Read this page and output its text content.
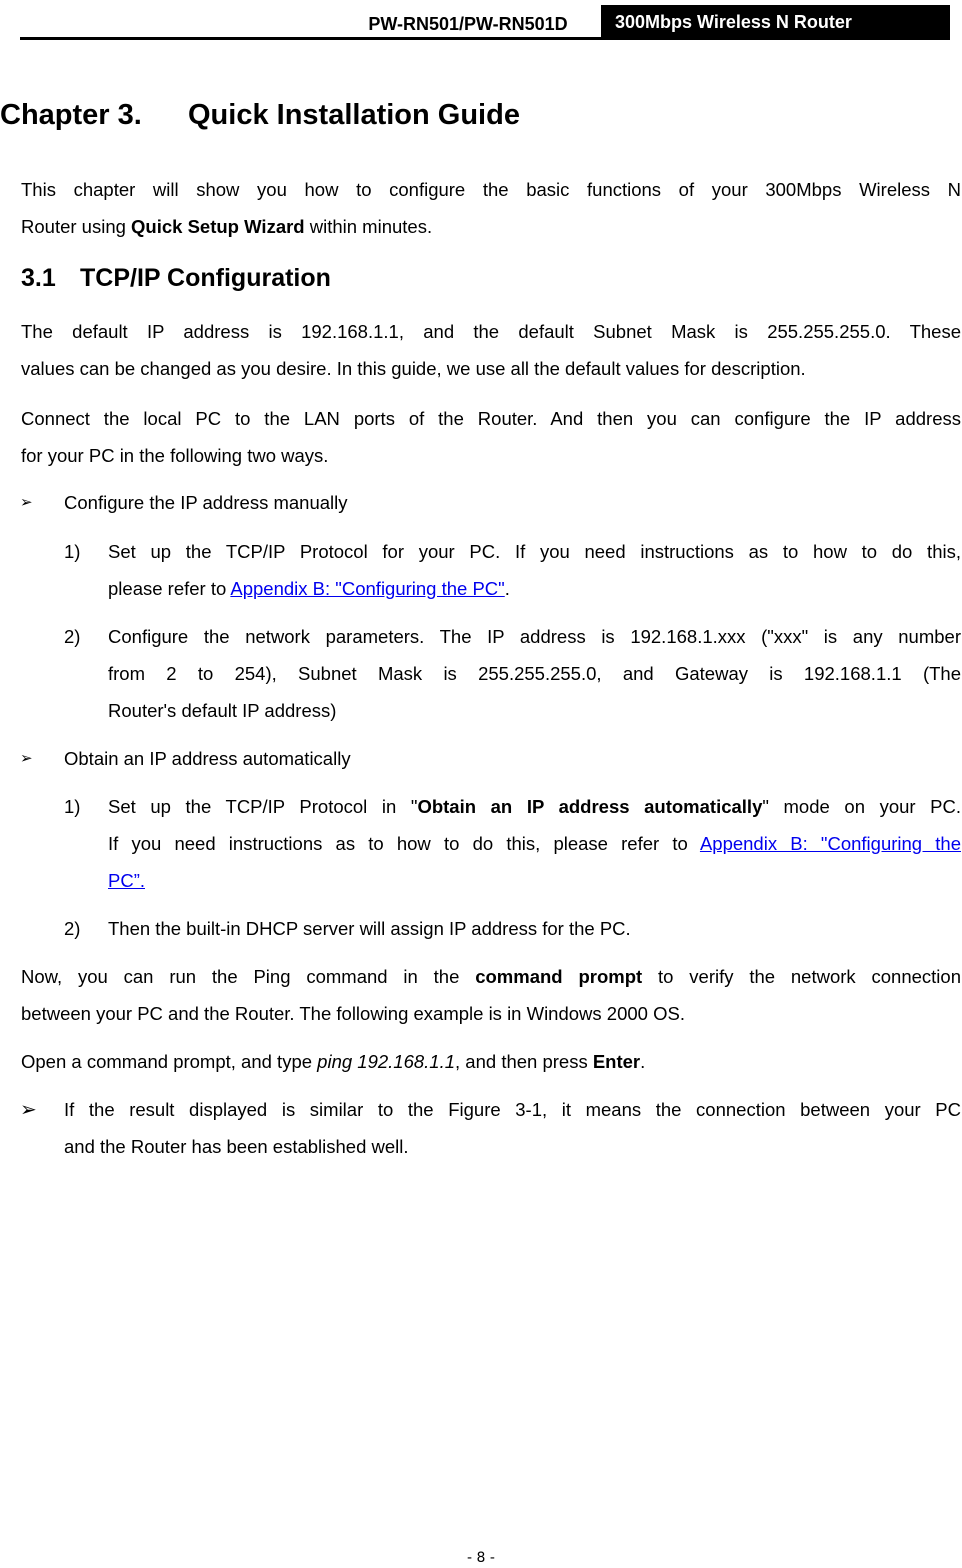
PW-RN501/PW-RN501D	300Mbps Wireless N Router
Chapter 3. Quick Installation Guide
This chapter will show you how to configure the basic functions of your 300Mbps Wireless N
Router using Quick Setup Wizard within minutes.
3.1 TCP/IP Configuration
The default IP address is 192.168.1.1, and the default Subnet Mask is 255.255.255.0. These
values can be changed as you desire. In this guide, we use all the default values for description.
Connect the local PC to the LAN ports of the Router. And then you can configure the IP address
for your PC in the following two ways.
➢ Configure the IP address manually
1) Set up the TCP/IP Protocol for your PC. If you need instructions as to how to do this,
please refer to Appendix B: "Configuring the PC".
2) Configure the network parameters. The IP address is 192.168.1.xxx ("xxx" is any number
from 2 to 254), Subnet Mask is 255.255.255.0, and Gateway is 192.168.1.1 (The
Router's default IP address)
➢ Obtain an IP address automatically
1) Set up the TCP/IP Protocol in "Obtain an IP address automatically" mode on your PC.
If you need instructions as to how to do this, please refer to Appendix B: "Configuring the
PC”.
2) Then the built-in DHCP server will assign IP address for the PC.
Now, you can run the Ping command in the command prompt to verify the network connection
between your PC and the Router. The following example is in Windows 2000 OS.
Open a command prompt, and type ping 192.168.1.1, and then press Enter.
➢ If the result displayed is similar to the Figure 3-1, it means the connection between your PC
and the Router has been established well.
- 8 -
